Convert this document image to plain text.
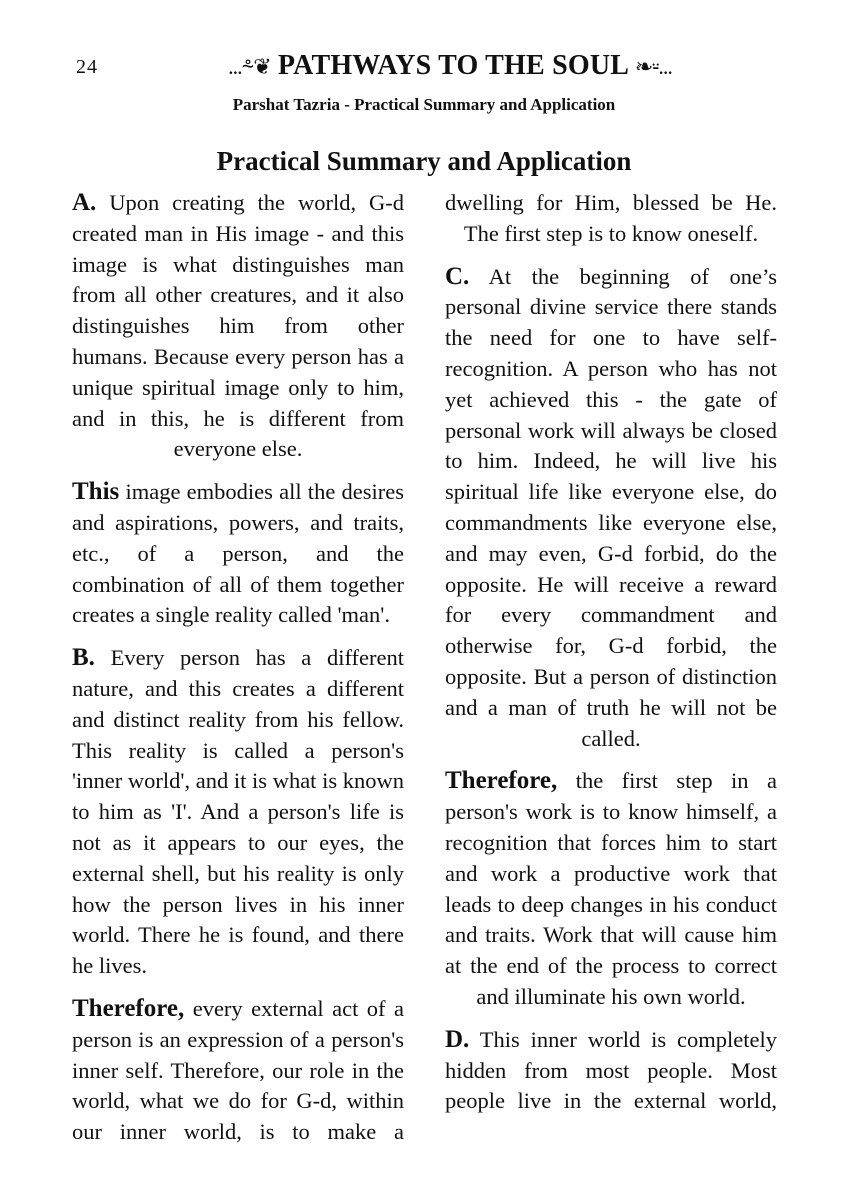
24	...⸛❦ PATHWAYS TO THE SOUL ❧⸚...
Parshat Tazria - Practical Summary and Application
Practical Summary and Application

A. Upon creating the world, G-d created man in His image - and this image is what distinguishes man from all other creatures, and it also distinguishes him from other humans. Because every person has a unique spiritual image only to him, and in this, he is different from everyone else.

This image embodies all the desires and aspirations, powers, and traits, etc., of a person, and the combination of all of them together creates a single reality called 'man'.

B. Every person has a different nature, and this creates a different and distinct reality from his fellow. This reality is called a person's 'inner world', and it is what is known to him as 'I'. And a person's life is not as it appears to our eyes, the external shell, but his reality is only how the person lives in his inner world. There he is found, and there he lives.

Therefore, every external act of a person is an expression of a person's inner self. Therefore, our role in the world, what we do for G-d, within our inner world, is to make a

dwelling for Him, blessed be He. The first step is to know oneself.

C. At the beginning of one’s personal divine service there stands the need for one to have self-recognition. A person who has not yet achieved this - the gate of personal work will always be closed to him. Indeed, he will live his spiritual life like everyone else, do commandments like everyone else, and may even, G-d forbid, do the opposite. He will receive a reward for every commandment and otherwise for, G-d forbid, the opposite. But a person of distinction and a man of truth he will not be called.

Therefore, the first step in a person's work is to know himself, a recognition that forces him to start and work a productive work that leads to deep changes in his conduct and traits. Work that will cause him at the end of the process to correct and illuminate his own world.

D. This inner world is completely hidden from most people. Most people live in the external world,
